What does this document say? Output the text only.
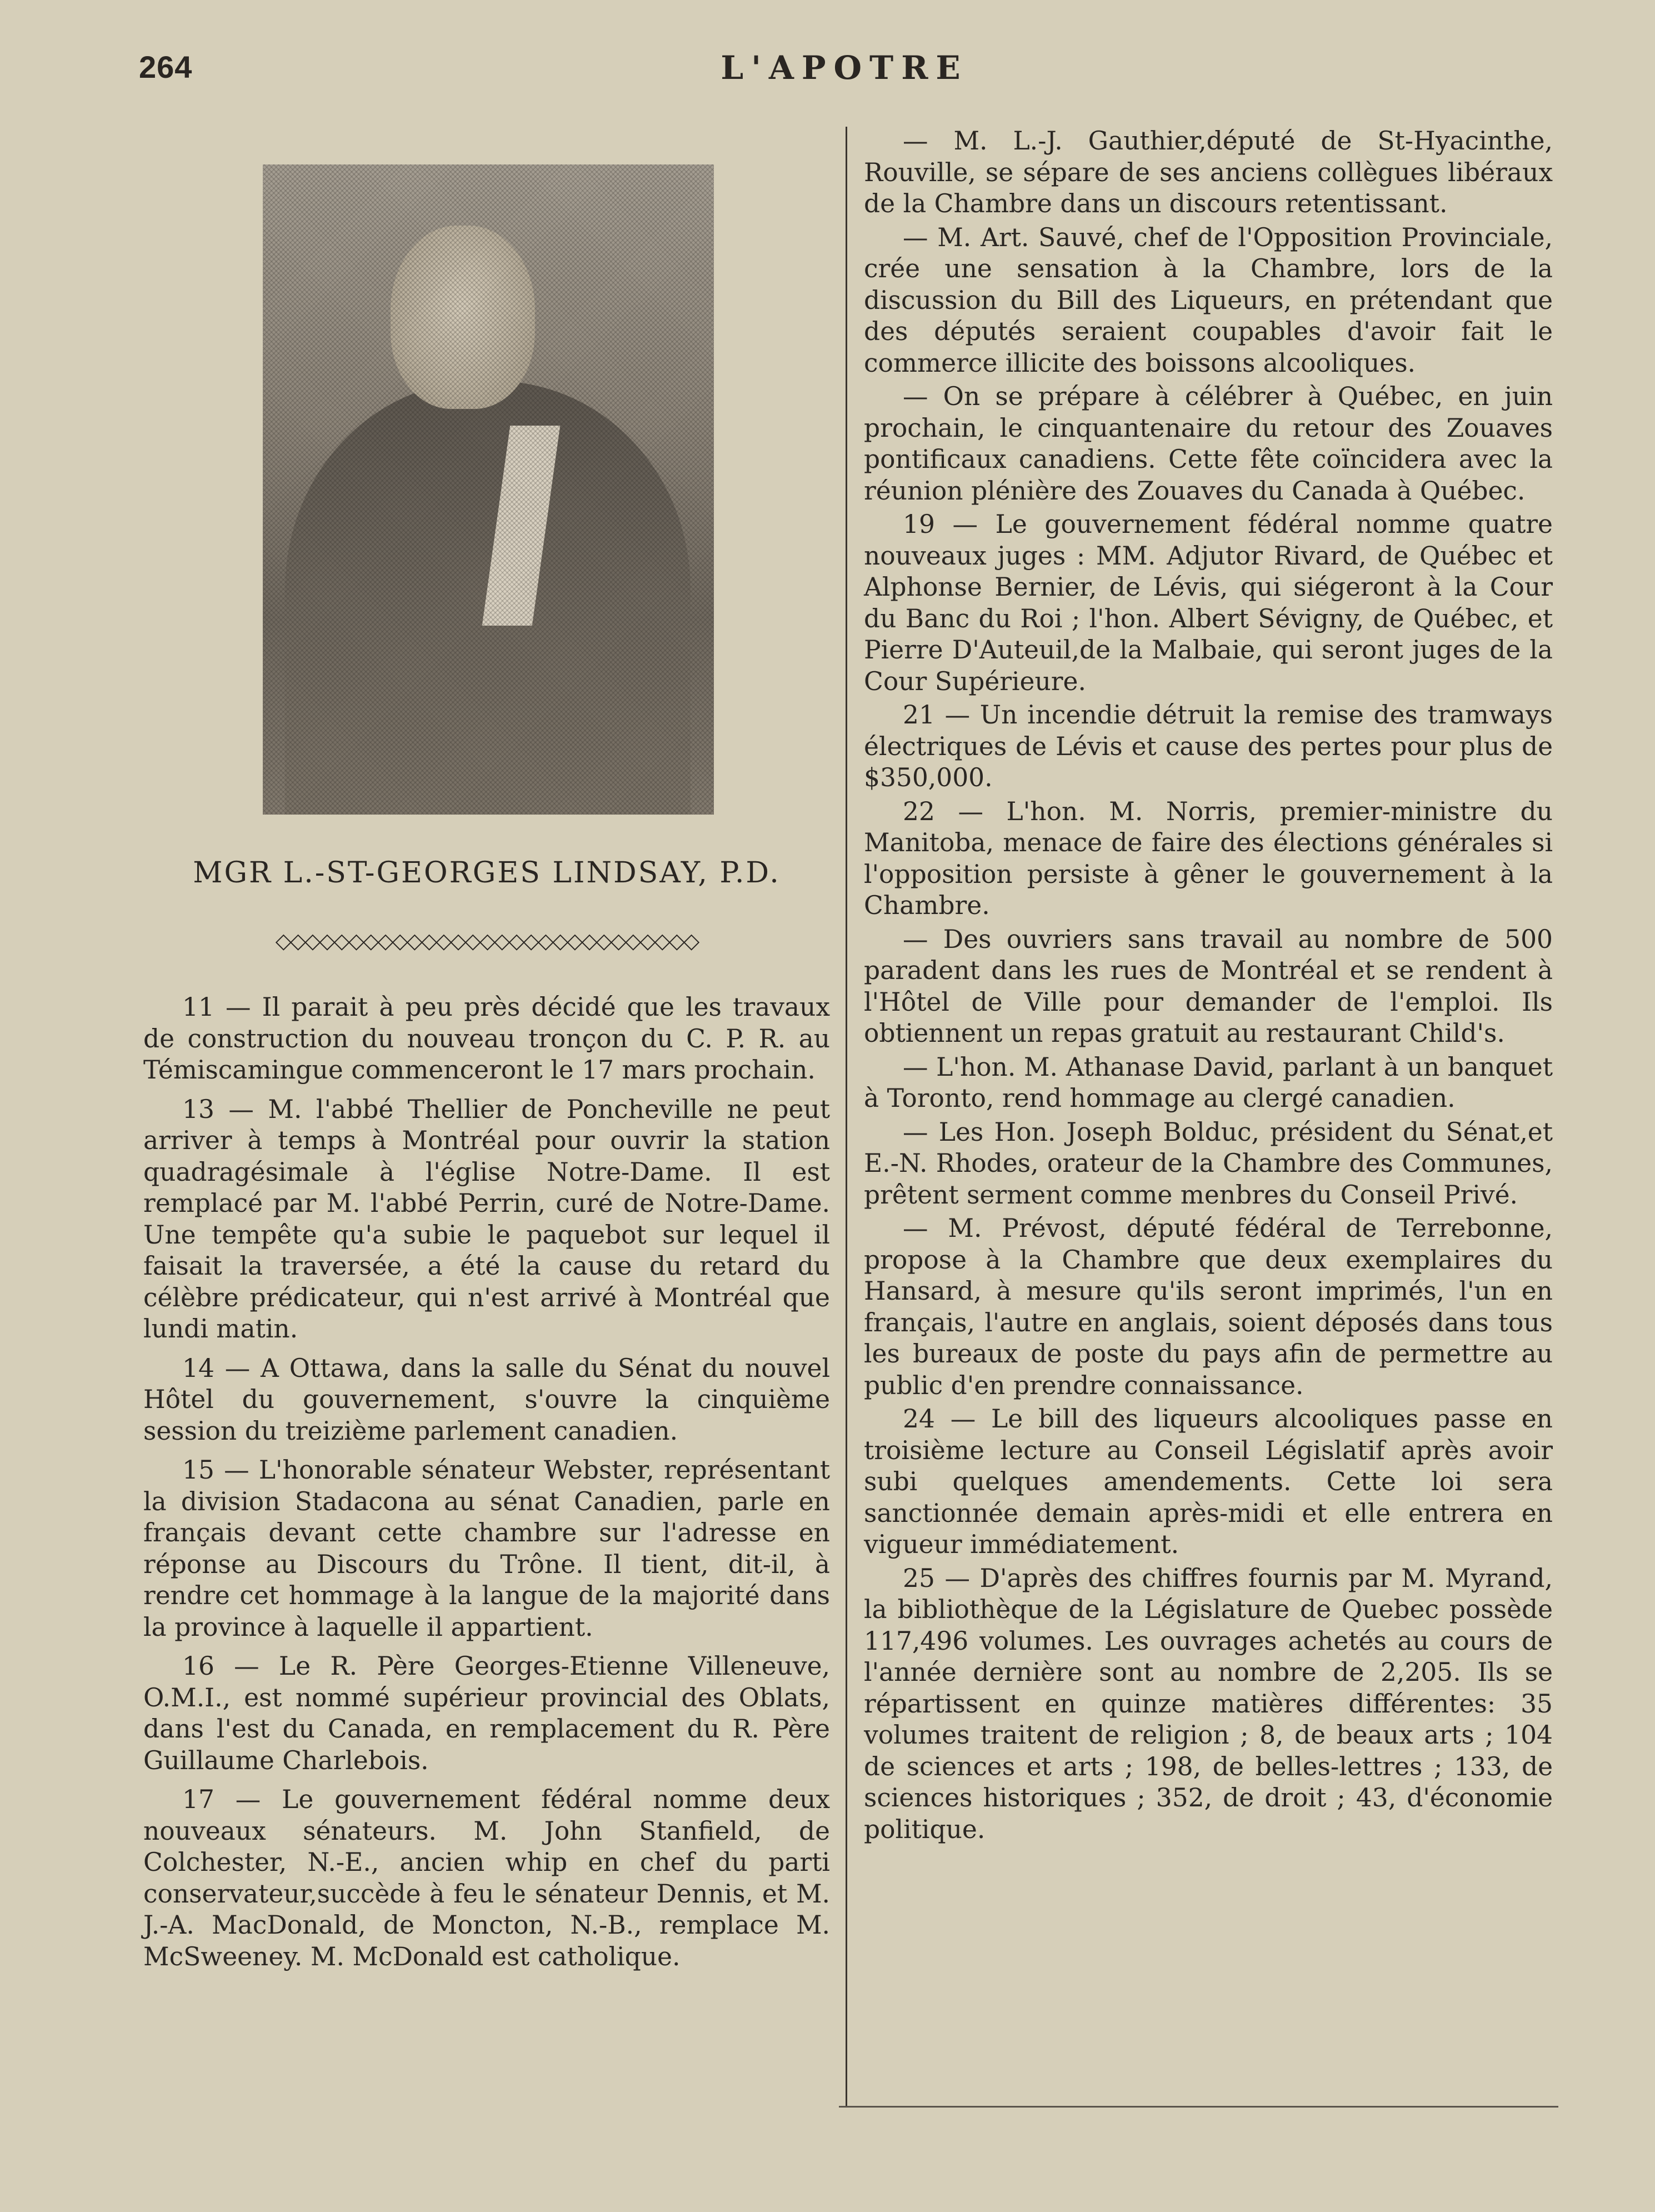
264	L'APOTRE
MGR L.-ST-GEORGES LINDSAY, P.D.
◇◇◇◇◇◇◇◇◇◇◇◇◇◇◇◇◇◇◇◇◇◇◇◇◇◇◇◇◇

11 — Il parait à peu près décidé que les travaux de construction du nouveau tronçon du C. P. R. au Témiscamingue commenceront le 17 mars prochain.

13 — M. l'abbé Thellier de Poncheville ne peut arriver à temps à Montréal pour ouvrir la station quadragésimale à l'église Notre-Dame. Il est remplacé par M. l'abbé Perrin, curé de Notre-Dame. Une tempête qu'a subie le paquebot sur lequel il faisait la traversée, a été la cause du retard du célèbre prédicateur, qui n'est arrivé à Montréal que lundi matin.

14 — A Ottawa, dans la salle du Sénat du nouvel Hôtel du gouvernement, s'ouvre la cinquième session du treizième parlement canadien.

15 — L'honorable sénateur Webster, représentant la division Stadacona au sénat Canadien, parle en français devant cette chambre sur l'adresse en réponse au Discours du Trône. Il tient, dit-il, à rendre cet hommage à la langue de la majorité dans la province à laquelle il appartient.

16 — Le R. Père Georges-Etienne Villeneuve, O.M.I., est nommé supérieur provincial des Oblats, dans l'est du Canada, en remplacement du R. Père Guillaume Charlebois.

17 — Le gouvernement fédéral nomme deux nouveaux sénateurs. M. John Stanfield, de Colchester, N.-E., ancien whip en chef du parti conservateur,succède à feu le sénateur Dennis, et M. J.-A. MacDonald, de Moncton, N.-B., remplace M. McSweeney. M. McDonald est catholique.

— M. L.-J. Gauthier,député de St-Hyacinthe, Rouville, se sépare de ses anciens collègues libéraux de la Chambre dans un discours retentissant.

— M. Art. Sauvé, chef de l'Opposition Provinciale, crée une sensation à la Chambre, lors de la discussion du Bill des Liqueurs, en prétendant que des députés seraient coupables d'avoir fait le commerce illicite des boissons alcooliques.

— On se prépare à célébrer à Québec, en juin prochain, le cinquantenaire du retour des Zouaves pontificaux canadiens. Cette fête coïncidera avec la réunion plénière des Zouaves du Canada à Québec.

19 — Le gouvernement fédéral nomme quatre nouveaux juges : MM. Adjutor Rivard, de Québec et Alphonse Bernier, de Lévis, qui siégeront à la Cour du Banc du Roi ; l'hon. Albert Sévigny, de Québec, et Pierre D'Auteuil,de la Malbaie, qui seront juges de la Cour Supérieure.

21 — Un incendie détruit la remise des tramways électriques de Lévis et cause des pertes pour plus de $350,000.

22 — L'hon. M. Norris, premier-ministre du Manitoba, menace de faire des élections générales si l'opposition persiste à gêner le gouvernement à la Chambre.

— Des ouvriers sans travail au nombre de 500 paradent dans les rues de Montréal et se rendent à l'Hôtel de Ville pour demander de l'emploi. Ils obtiennent un repas gratuit au restaurant Child's.

— L'hon. M. Athanase David, parlant à un banquet à Toronto, rend hommage au clergé canadien.

— Les Hon. Joseph Bolduc, président du Sénat,et E.-N. Rhodes, orateur de la Chambre des Communes, prêtent serment comme menbres du Conseil Privé.

— M. Prévost, député fédéral de Terrebonne, propose à la Chambre que deux exemplaires du Hansard, à mesure qu'ils seront imprimés, l'un en français, l'autre en anglais, soient déposés dans tous les bureaux de poste du pays afin de permettre au public d'en prendre connaissance.

24 — Le bill des liqueurs alcooliques passe en troisième lecture au Conseil Législatif après avoir subi quelques amendements. Cette loi sera sanctionnée demain après-midi et elle entrera en vigueur immédiatement.

25 — D'après des chiffres fournis par M. Myrand, la bibliothèque de la Législature de Quebec possède 117,496 volumes. Les ouvrages achetés au cours de l'année dernière sont au nombre de 2,205. Ils se répartissent en quinze matières différentes: 35 volumes traitent de religion ; 8, de beaux arts ; 104 de sciences et arts ; 198, de belles-lettres ; 133, de sciences historiques ; 352, de droit ; 43, d'économie politique.
